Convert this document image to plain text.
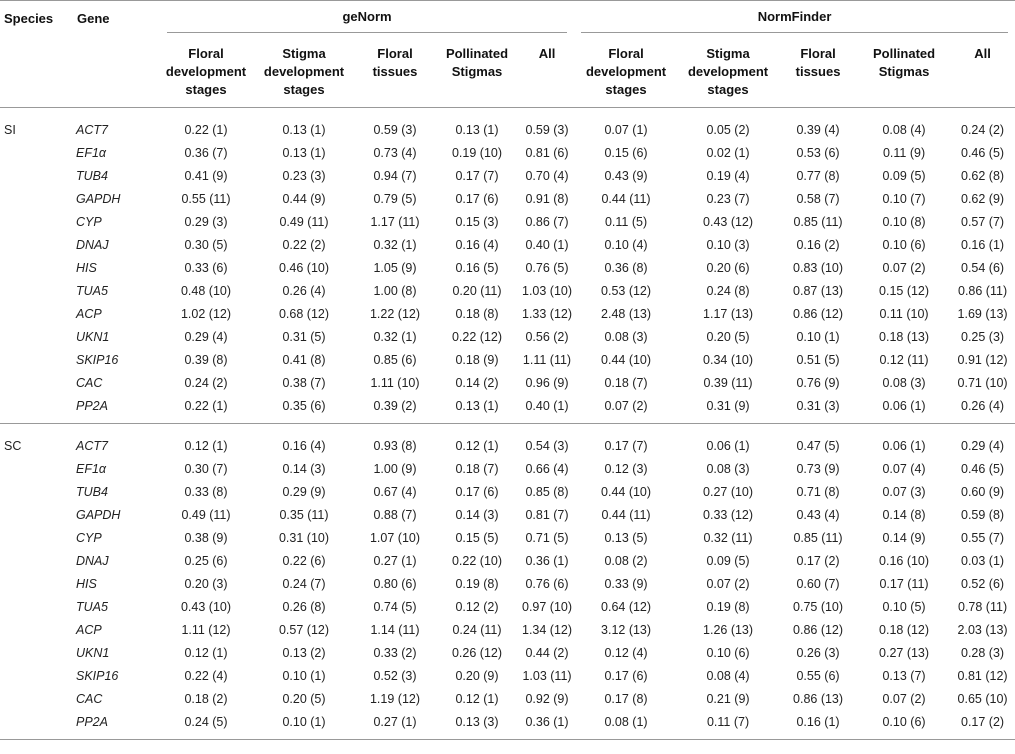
Species	Gene	geNorm					NormFinder				

		Floral development stages	Stigma development stages	Floral tissues	Pollinated Stigmas	All	Floral development stages	Stigma development stages	Floral tissues	Pollinated Stigmas	All
SI	ACT7	0.22 (1)	0.13 (1)	0.59 (3)	0.13 (1)	0.59 (3)	0.07 (1)	0.05 (2)	0.39 (4)	0.08 (4)	0.24 (2)
	EF1α	0.36 (7)	0.13 (1)	0.73 (4)	0.19 (10)	0.81 (6)	0.15 (6)	0.02 (1)	0.53 (6)	0.11 (9)	0.46 (5)
	TUB4	0.41 (9)	0.23 (3)	0.94 (7)	0.17 (7)	0.70 (4)	0.43 (9)	0.19 (4)	0.77 (8)	0.09 (5)	0.62 (8)
	GAPDH	0.55 (11)	0.44 (9)	0.79 (5)	0.17 (6)	0.91 (8)	0.44 (11)	0.23 (7)	0.58 (7)	0.10 (7)	0.62 (9)
	CYP	0.29 (3)	0.49 (11)	1.17 (11)	0.15 (3)	0.86 (7)	0.11 (5)	0.43 (12)	0.85 (11)	0.10 (8)	0.57 (7)
	DNAJ	0.30 (5)	0.22 (2)	0.32 (1)	0.16 (4)	0.40 (1)	0.10 (4)	0.10 (3)	0.16 (2)	0.10 (6)	0.16 (1)
	HIS	0.33 (6)	0.46 (10)	1.05 (9)	0.16 (5)	0.76 (5)	0.36 (8)	0.20 (6)	0.83 (10)	0.07 (2)	0.54 (6)
	TUA5	0.48 (10)	0.26 (4)	1.00 (8)	0.20 (11)	1.03 (10)	0.53 (12)	0.24 (8)	0.87 (13)	0.15 (12)	0.86 (11)
	ACP	1.02 (12)	0.68 (12)	1.22 (12)	0.18 (8)	1.33 (12)	2.48 (13)	1.17 (13)	0.86 (12)	0.11 (10)	1.69 (13)
	UKN1	0.29 (4)	0.31 (5)	0.32 (1)	0.22 (12)	0.56 (2)	0.08 (3)	0.20 (5)	0.10 (1)	0.18 (13)	0.25 (3)
	SKIP16	0.39 (8)	0.41 (8)	0.85 (6)	0.18 (9)	1.11 (11)	0.44 (10)	0.34 (10)	0.51 (5)	0.12 (11)	0.91 (12)
	CAC	0.24 (2)	0.38 (7)	1.11 (10)	0.14 (2)	0.96 (9)	0.18 (7)	0.39 (11)	0.76 (9)	0.08 (3)	0.71 (10)
	PP2A	0.22 (1)	0.35 (6)	0.39 (2)	0.13 (1)	0.40 (1)	0.07 (2)	0.31 (9)	0.31 (3)	0.06 (1)	0.26 (4)
SC	ACT7	0.12 (1)	0.16 (4)	0.93 (8)	0.12 (1)	0.54 (3)	0.17 (7)	0.06 (1)	0.47 (5)	0.06 (1)	0.29 (4)
	EF1α	0.30 (7)	0.14 (3)	1.00 (9)	0.18 (7)	0.66 (4)	0.12 (3)	0.08 (3)	0.73 (9)	0.07 (4)	0.46 (5)
	TUB4	0.33 (8)	0.29 (9)	0.67 (4)	0.17 (6)	0.85 (8)	0.44 (10)	0.27 (10)	0.71 (8)	0.07 (3)	0.60 (9)
	GAPDH	0.49 (11)	0.35 (11)	0.88 (7)	0.14 (3)	0.81 (7)	0.44 (11)	0.33 (12)	0.43 (4)	0.14 (8)	0.59 (8)
	CYP	0.38 (9)	0.31 (10)	1.07 (10)	0.15 (5)	0.71 (5)	0.13 (5)	0.32 (11)	0.85 (11)	0.14 (9)	0.55 (7)
	DNAJ	0.25 (6)	0.22 (6)	0.27 (1)	0.22 (10)	0.36 (1)	0.08 (2)	0.09 (5)	0.17 (2)	0.16 (10)	0.03 (1)
	HIS	0.20 (3)	0.24 (7)	0.80 (6)	0.19 (8)	0.76 (6)	0.33 (9)	0.07 (2)	0.60 (7)	0.17 (11)	0.52 (6)
	TUA5	0.43 (10)	0.26 (8)	0.74 (5)	0.12 (2)	0.97 (10)	0.64 (12)	0.19 (8)	0.75 (10)	0.10 (5)	0.78 (11)
	ACP	1.11 (12)	0.57 (12)	1.14 (11)	0.24 (11)	1.34 (12)	3.12 (13)	1.26 (13)	0.86 (12)	0.18 (12)	2.03 (13)
	UKN1	0.12 (1)	0.13 (2)	0.33 (2)	0.26 (12)	0.44 (2)	0.12 (4)	0.10 (6)	0.26 (3)	0.27 (13)	0.28 (3)
	SKIP16	0.22 (4)	0.10 (1)	0.52 (3)	0.20 (9)	1.03 (11)	0.17 (6)	0.08 (4)	0.55 (6)	0.13 (7)	0.81 (12)
	CAC	0.18 (2)	0.20 (5)	1.19 (12)	0.12 (1)	0.92 (9)	0.17 (8)	0.21 (9)	0.86 (13)	0.07 (2)	0.65 (10)
	PP2A	0.24 (5)	0.10 (1)	0.27 (1)	0.13 (3)	0.36 (1)	0.08 (1)	0.11 (7)	0.16 (1)	0.10 (6)	0.17 (2)
